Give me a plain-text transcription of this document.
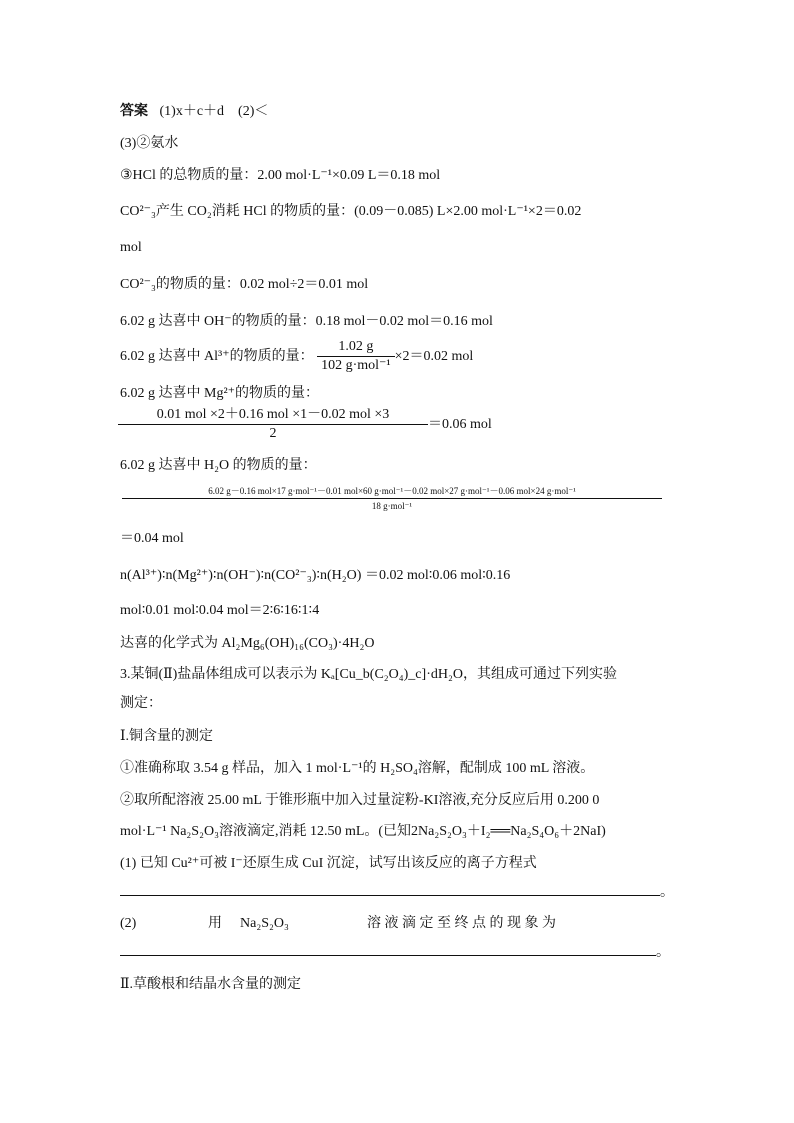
答案 (1)x＋c＋d　(2)＜
(3)②氨水
③HCl 的总物质的量：2.00 mol·L⁻¹×0.09 L＝0.18 mol
CO²⁻₃产生 CO₂消耗 HCl 的物质的量：(0.09－0.085) L×2.00 mol·L⁻¹×2＝0.02
mol
CO²⁻₃的物质的量：0.02 mol÷2＝0.01 mol
6.02 g 达喜中 OH⁻的物质的量：0.18 mol－0.02 mol＝0.16 mol
6.02 g 达喜中 Al³⁺的物质的量： $\frac{1.02 g}{\text{102 g·mol⁻¹}} \times 2=0.02$ mol
6.02 g 达喜中 Mg²⁺的物质的量：
$\frac{\text{0.01 mol ×2＋0.16 mol ×1－0.02 mol ×3}}{2} =0.06$ mol
6.02 g 达喜中 H₂O 的物质的量：
6.02 g－0.16 mol×17 g·mol⁻¹－0.01 mol×60 g·mol⁻¹－0.02 mol×27 g·mol⁻¹－0.06 mol×24 g·mol⁻¹
18 g·mol⁻¹
＝0.04 mol
n(Al³⁺)∶n(Mg²⁺)∶n(OH⁻)∶n(CO²⁻₃)∶n(H₂O) ＝0.02 mol∶0.06 mol∶0.16
mol∶0.01 mol∶0.04 mol＝2∶6∶16∶1∶4
达喜的化学式为 Al₂Mg₆(OH)₁₆(CO₃)·4H₂O
3.某铜(Ⅱ)盐晶体组成可以表示为 Kₐ[Cu_b(C₂O₄)_c]·dH₂O，其组成可通过下列实验
测定：
Ⅰ.铜含量的测定
①准确称取 3.54 g 样品，加入 1 mol·L⁻¹的 H₂SO₄溶解，配制成 100 mL 溶液。
②取所配溶液 25.00 mL 于锥形瓶中加入过量淀粉-KI溶液,充分反应后用 0.200 0
mol·L⁻¹ Na₂S₂O₃溶液滴定,消耗 12.50 mL。(已知2Na₂S₂O₃＋I₂══Na₂S₄O₆＋2NaI)
(1) 已知 Cu²⁺可被 I⁻还原生成 CuI 沉淀，试写出该反应的离子方程式
。
(2)	用 Na₂S₂O₃	溶 液 滴 定 至 终 点 的 现 象 为
。
Ⅱ.草酸根和结晶水含量的测定
